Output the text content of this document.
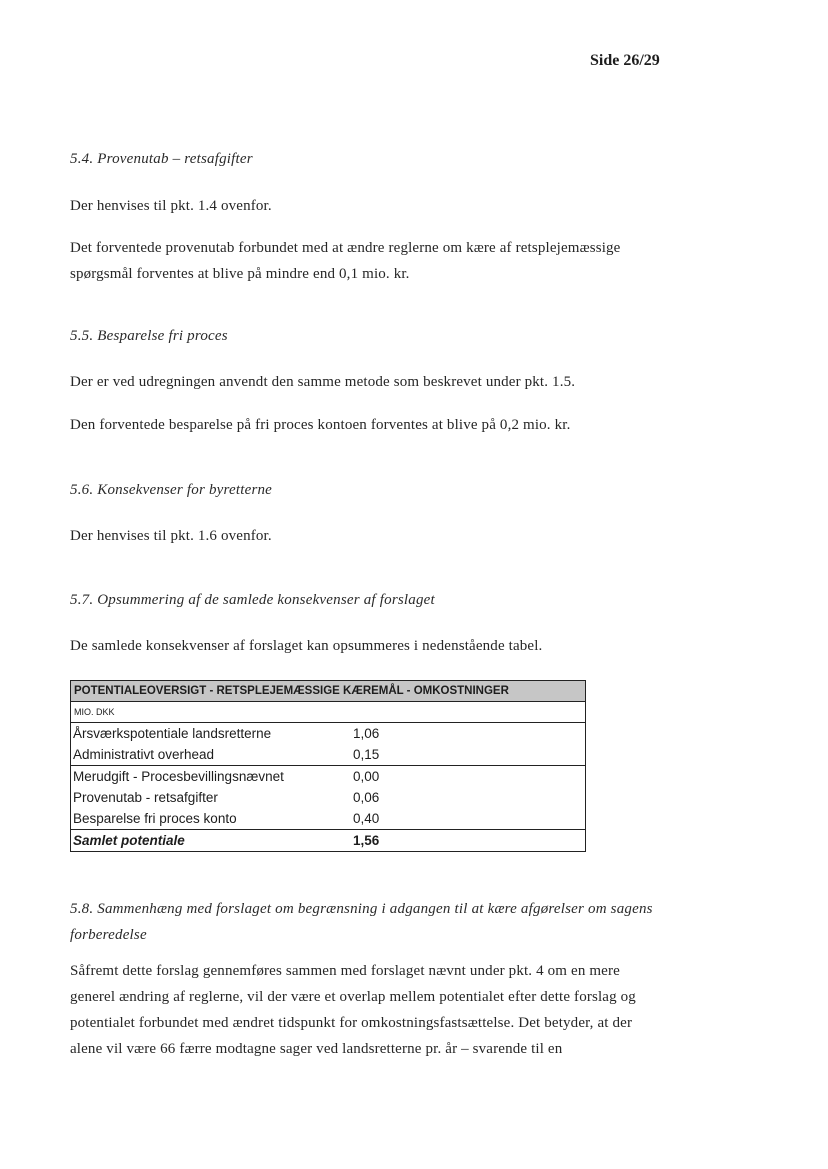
Side 26/29
5.4. Provenutab – retsafgifter
Der henvises til pkt. 1.4 ovenfor.
Det forventede provenutab forbundet med at ændre reglerne om kære af retsplejemæssige
spørgsmål forventes at blive på mindre end 0,1 mio. kr.
5.5. Besparelse fri proces
Der er ved udregningen anvendt den samme metode som beskrevet under pkt. 1.5.
Den forventede besparelse på fri proces kontoen forventes at blive på 0,2 mio. kr.
5.6. Konsekvenser for byretterne
Der henvises til pkt. 1.6 ovenfor.
5.7. Opsummering af de samlede konsekvenser af forslaget
De samlede konsekvenser af forslaget kan opsummeres i nedenstående tabel.
POTENTIALEOVERSIGT - RETSPLEJEMÆSSIGE KÆREMÅL - OMKOSTNINGER
MIO. DKK
Årsværkspotentiale landsretterne	1,06
Administrativt overhead	0,15
Merudgift - Procesbevillingsnævnet	0,00
Provenutab - retsafgifter	0,06
Besparelse fri proces konto	0,40
Samlet potentiale	1,56
5.8. Sammenhæng med forslaget om begrænsning i adgangen til at kære afgørelser om sagens
forberedelse
Såfremt dette forslag gennemføres sammen med forslaget nævnt under pkt. 4 om en mere
generel ændring af reglerne, vil der være et overlap mellem potentialet efter dette forslag og
potentialet forbundet med ændret tidspunkt for omkostningsfastsættelse. Det betyder, at der
alene vil være 66 færre modtagne sager ved landsretterne pr. år – svarende til en
